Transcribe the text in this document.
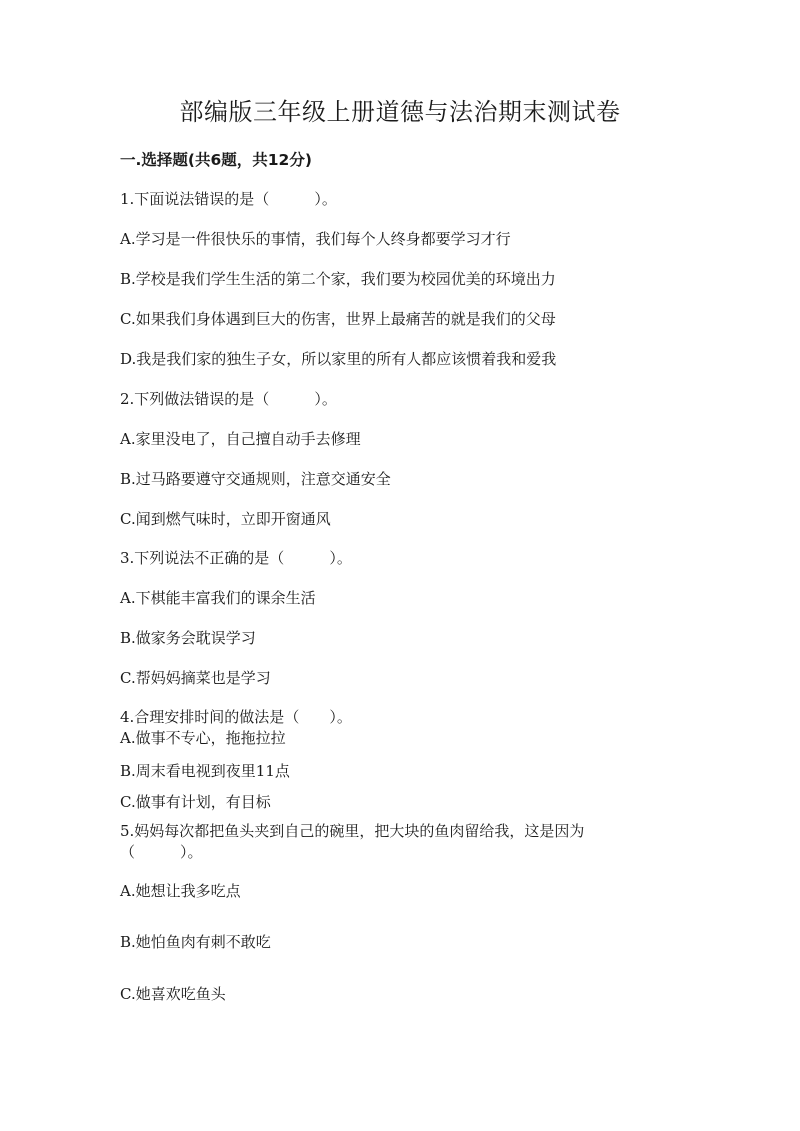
部编版三年级上册道德与法治期末测试卷
一.选择题(共6题，共12分)
1.下面说法错误的是（　　　）。
A.学习是一件很快乐的事情，我们每个人终身都要学习才行
B.学校是我们学生生活的第二个家，我们要为校园优美的环境出力
C.如果我们身体遇到巨大的伤害，世界上最痛苦的就是我们的父母
D.我是我们家的独生子女，所以家里的所有人都应该惯着我和爱我
2.下列做法错误的是（　　　）。
A.家里没电了，自己擅自动手去修理
B.过马路要遵守交通规则，注意交通安全
C.闻到燃气味时，立即开窗通风
3.下列说法不正确的是（　　　）。
A.下棋能丰富我们的课余生活
B.做家务会耽误学习
C.帮妈妈摘菜也是学习
4.合理安排时间的做法是（　　）。
A.做事不专心，拖拖拉拉
B.周末看电视到夜里11点
C.做事有计划，有目标
5.妈妈每次都把鱼头夹到自己的碗里，把大块的鱼肉留给我，这是因为
（　　　）。
A.她想让我多吃点
B.她怕鱼肉有刺不敢吃
C.她喜欢吃鱼头
